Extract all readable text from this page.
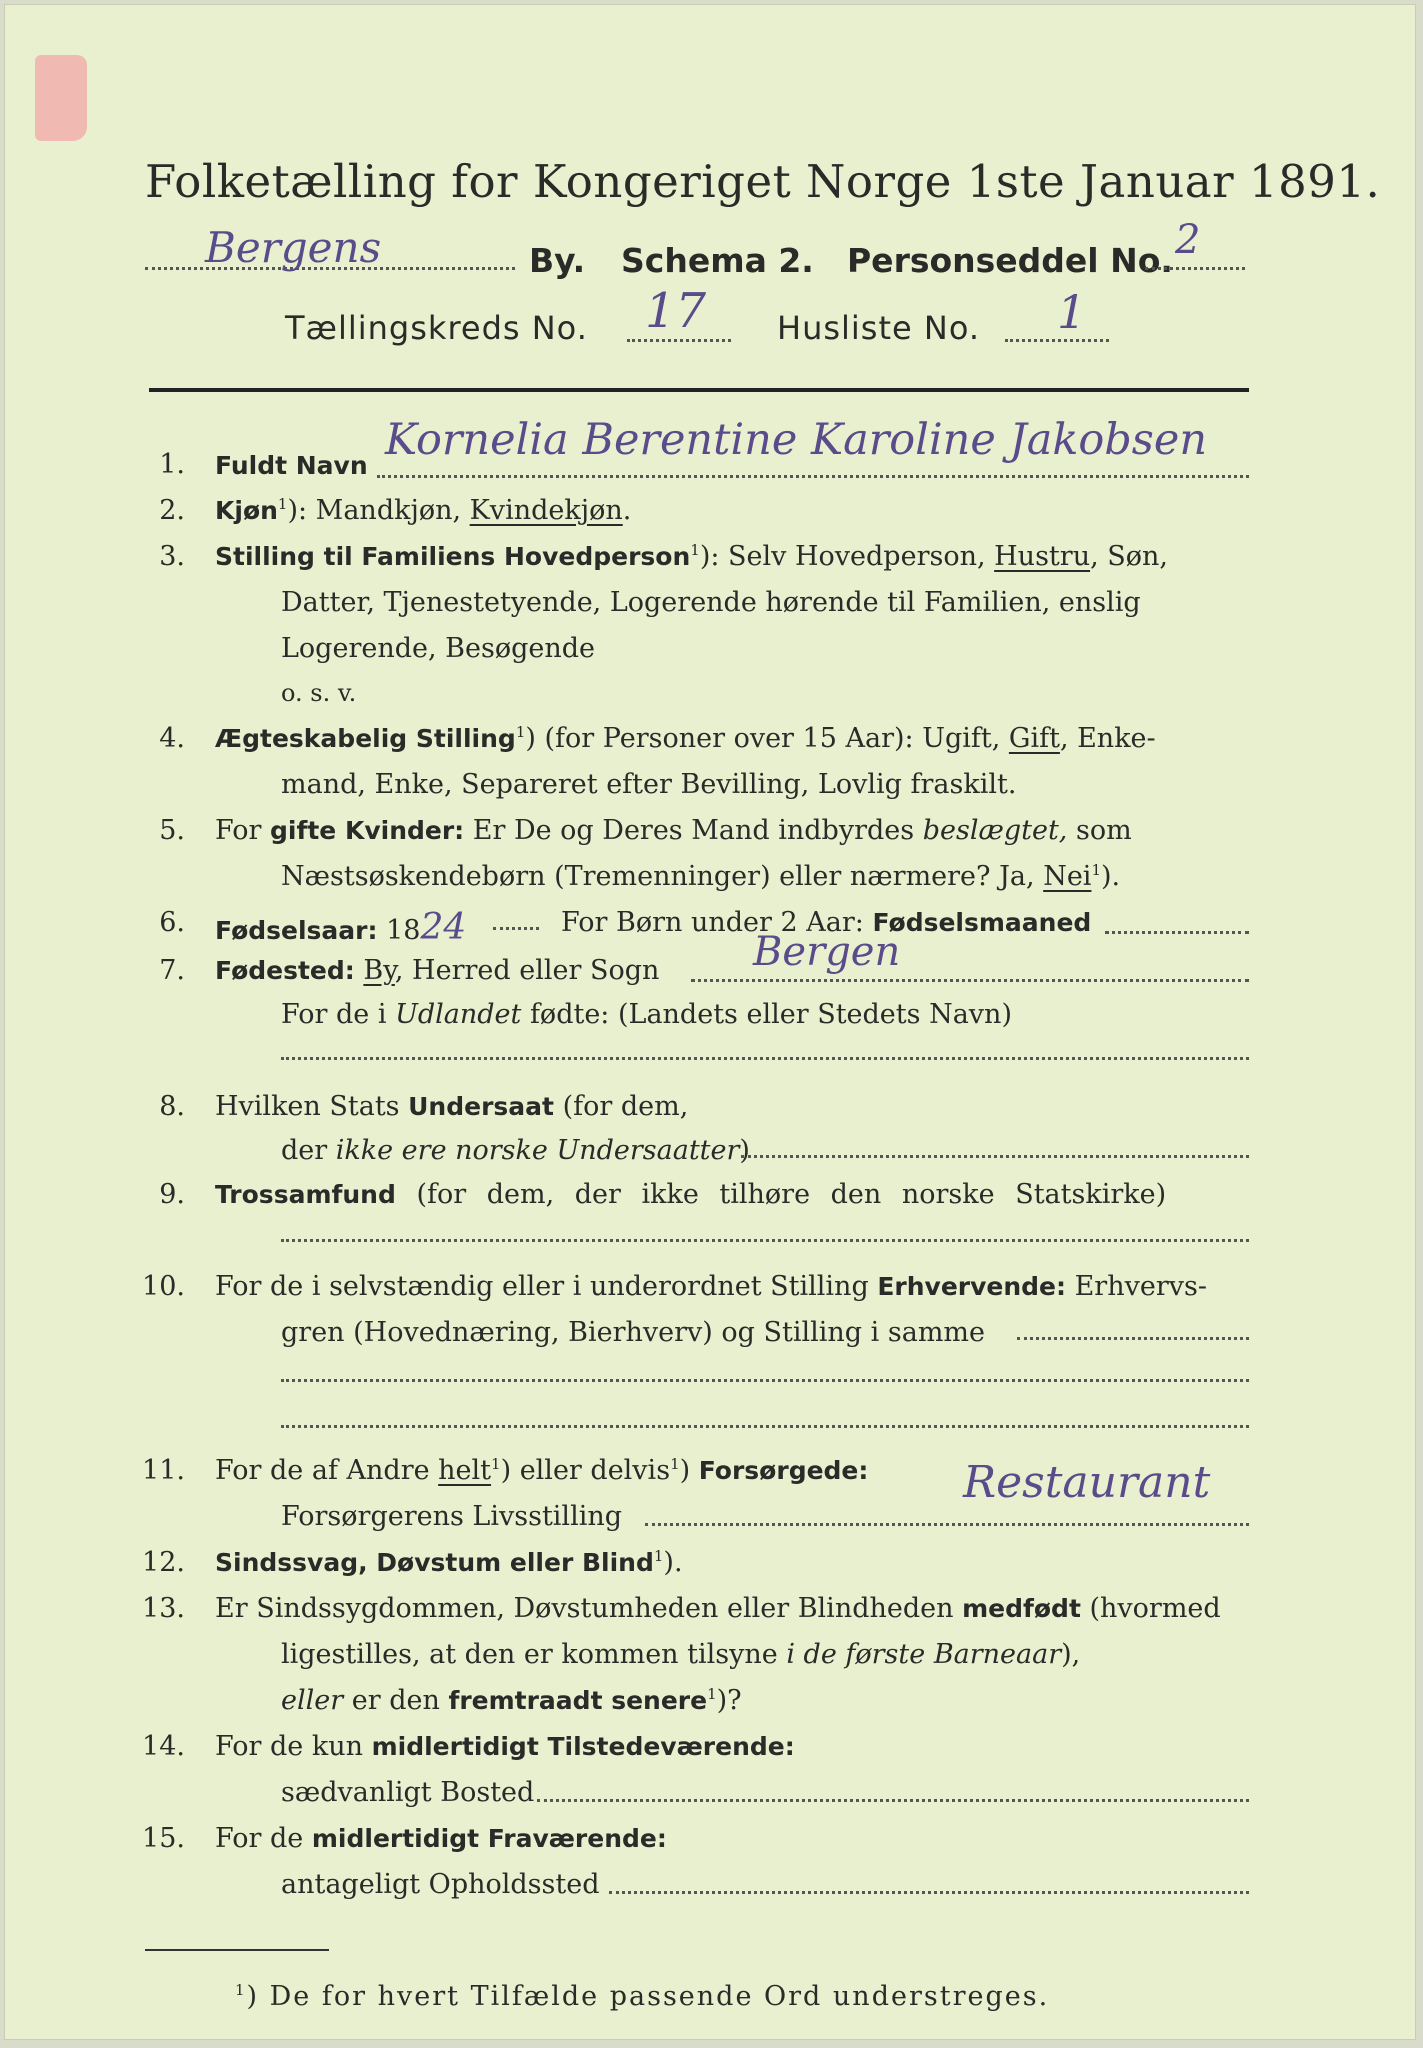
Folketælling for Kongeriget Norge 1ste Januar 1891.
Bergens	By. Schema 2. Personseddel No. 2
Tællingskreds No. 17 Husliste No. 1
1. Fuldt Navn
Kornelia Berentine Karoline Jakobsen
2. Kjøn$^1$): Mandkjøn, Kvindekjøn.
3. Stilling til Familiens Hovedperson$^1$): Selv Hovedperson, Hustru, Søn,
Datter, Tjenestetyende, Logerende hørende til Familien, enslig
Logerende, Besøgende
o. s. v.
4. Ægteskabelig Stilling$^1$) (for Personer over 15 Aar): Ugift, Gift, Enke-
mand, Enke, Separeret efter Bevilling, Lovlig fraskilt.
5. For gifte Kvinder: Er De og Deres Mand indbyrdes beslægtet, som
Næstsøskendebørn (Tremenninger) eller nærmere? Ja, Nei$^1$).
6. Fødselsaar: 1824	For Børn under 2 Aar: Fødselsmaaned
7. Fødested: By, Herred eller Sogn Bergen
For de i Udlandet fødte: (Landets eller Stedets Navn)
8. Hvilken Stats Undersaat (for dem,
der ikke ere norske Undersaatter)
9. Trossamfund (for dem, der ikke tilhøre den norske Statskirke)
10. For de i selvstændig eller i underordnet Stilling Erhvervende: Erhvervs-
gren (Hovednæring, Bierhverv) og Stilling i samme
11. For de af Andre helt$^1$) eller delvis$^1$) Forsørgede:
Forsørgerens Livsstilling
Restaurant
12. Sindssvag, Døvstum eller Blind$^1$).
13. Er Sindssygdommen, Døvstumheden eller Blindheden medfødt (hvormed
ligestilles, at den er kommen tilsyne i de første Barneaar),
eller er den fremtraadt senere$^1$)?
14. For de kun midlertidigt Tilstedeværende:
sædvanligt Bosted
15. For de midlertidigt Fraværende:
antageligt Opholdssted
$^1$) De for hvert Tilfælde passende Ord understreges.
